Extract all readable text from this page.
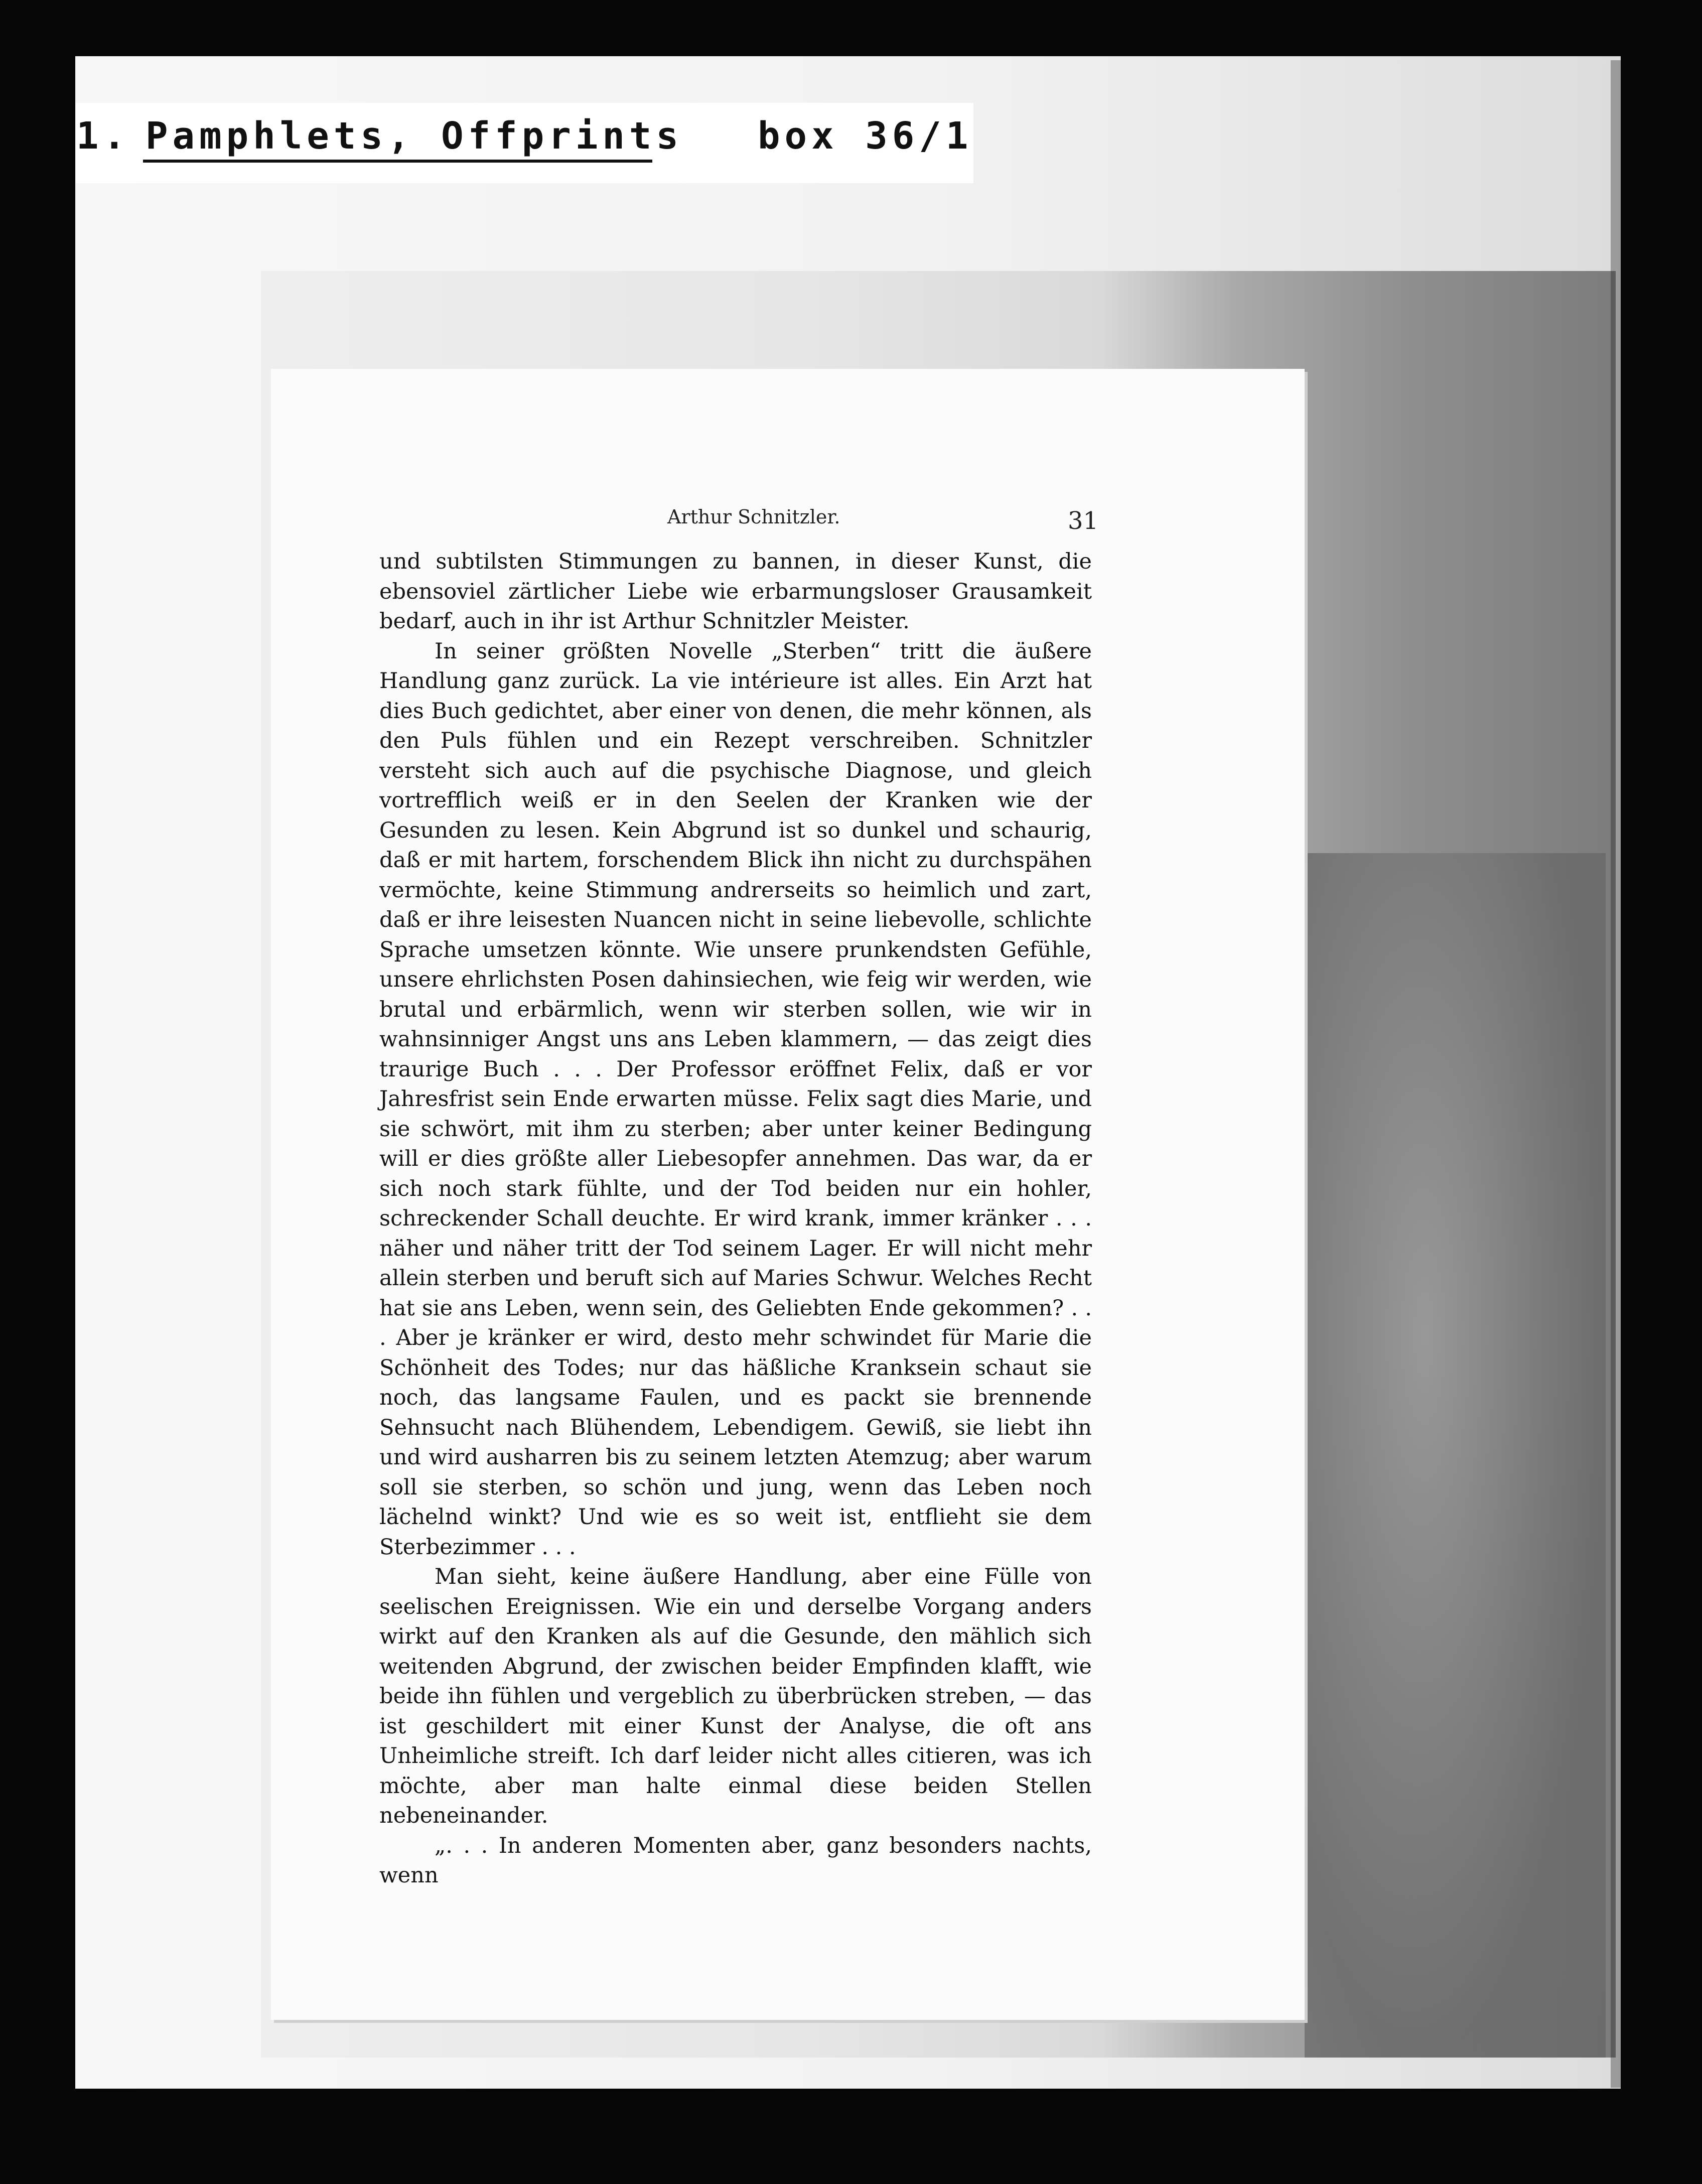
1. Pamphlets, Offprints box 36/1
Arthur Schnitzler.	31

und subtilsten Stimmungen zu bannen, in dieser Kunst, die ebensoviel zärtlicher Liebe wie erbarmungsloser Grausamkeit bedarf, auch in ihr ist Arthur Schnitzler Meister.

In seiner größten Novelle „Sterben“ tritt die äußere Handlung ganz zurück. La vie intérieure ist alles. Ein Arzt hat dies Buch gedichtet, aber einer von denen, die mehr können, als den Puls fühlen und ein Rezept verschreiben. Schnitzler versteht sich auch auf die psychische Diagnose, und gleich vortrefflich weiß er in den Seelen der Kranken wie der Gesunden zu lesen. Kein Abgrund ist so dunkel und schaurig, daß er mit hartem, forschendem Blick ihn nicht zu durchspähen vermöchte, keine Stimmung andrerseits so heimlich und zart, daß er ihre leisesten Nuancen nicht in seine liebevolle, schlichte Sprache umsetzen könnte. Wie unsere prunkendsten Gefühle, unsere ehrlichsten Posen dahinsiechen, wie feig wir werden, wie brutal und erbärmlich, wenn wir sterben sollen, wie wir in wahnsinniger Angst uns ans Leben klammern, — das zeigt dies traurige Buch . . . Der Professor eröffnet Felix, daß er vor Jahresfrist sein Ende erwarten müsse. Felix sagt dies Marie, und sie schwört, mit ihm zu sterben; aber unter keiner Bedingung will er dies größte aller Liebesopfer annehmen. Das war, da er sich noch stark fühlte, und der Tod beiden nur ein hohler, schreckender Schall deuchte. Er wird krank, immer kränker . . . näher und näher tritt der Tod seinem Lager. Er will nicht mehr allein sterben und beruft sich auf Maries Schwur. Welches Recht hat sie ans Leben, wenn sein, des Geliebten Ende gekommen? . . . Aber je kränker er wird, desto mehr schwindet für Marie die Schönheit des Todes; nur das häßliche Kranksein schaut sie noch, das langsame Faulen, und es packt sie brennende Sehnsucht nach Blühendem, Lebendigem. Gewiß, sie liebt ihn und wird ausharren bis zu seinem letzten Atemzug; aber warum soll sie sterben, so schön und jung, wenn das Leben noch lächelnd winkt? Und wie es so weit ist, entflieht sie dem Sterbezimmer . . .

Man sieht, keine äußere Handlung, aber eine Fülle von seelischen Ereignissen. Wie ein und derselbe Vorgang anders wirkt auf den Kranken als auf die Gesunde, den mählich sich weitenden Abgrund, der zwischen beider Empfinden klafft, wie beide ihn fühlen und vergeblich zu überbrücken streben, — das ist geschildert mit einer Kunst der Analyse, die oft ans Unheimliche streift. Ich darf leider nicht alles citieren, was ich möchte, aber man halte einmal diese beiden Stellen nebeneinander.

„. . . In anderen Momenten aber, ganz besonders nachts, wenn
